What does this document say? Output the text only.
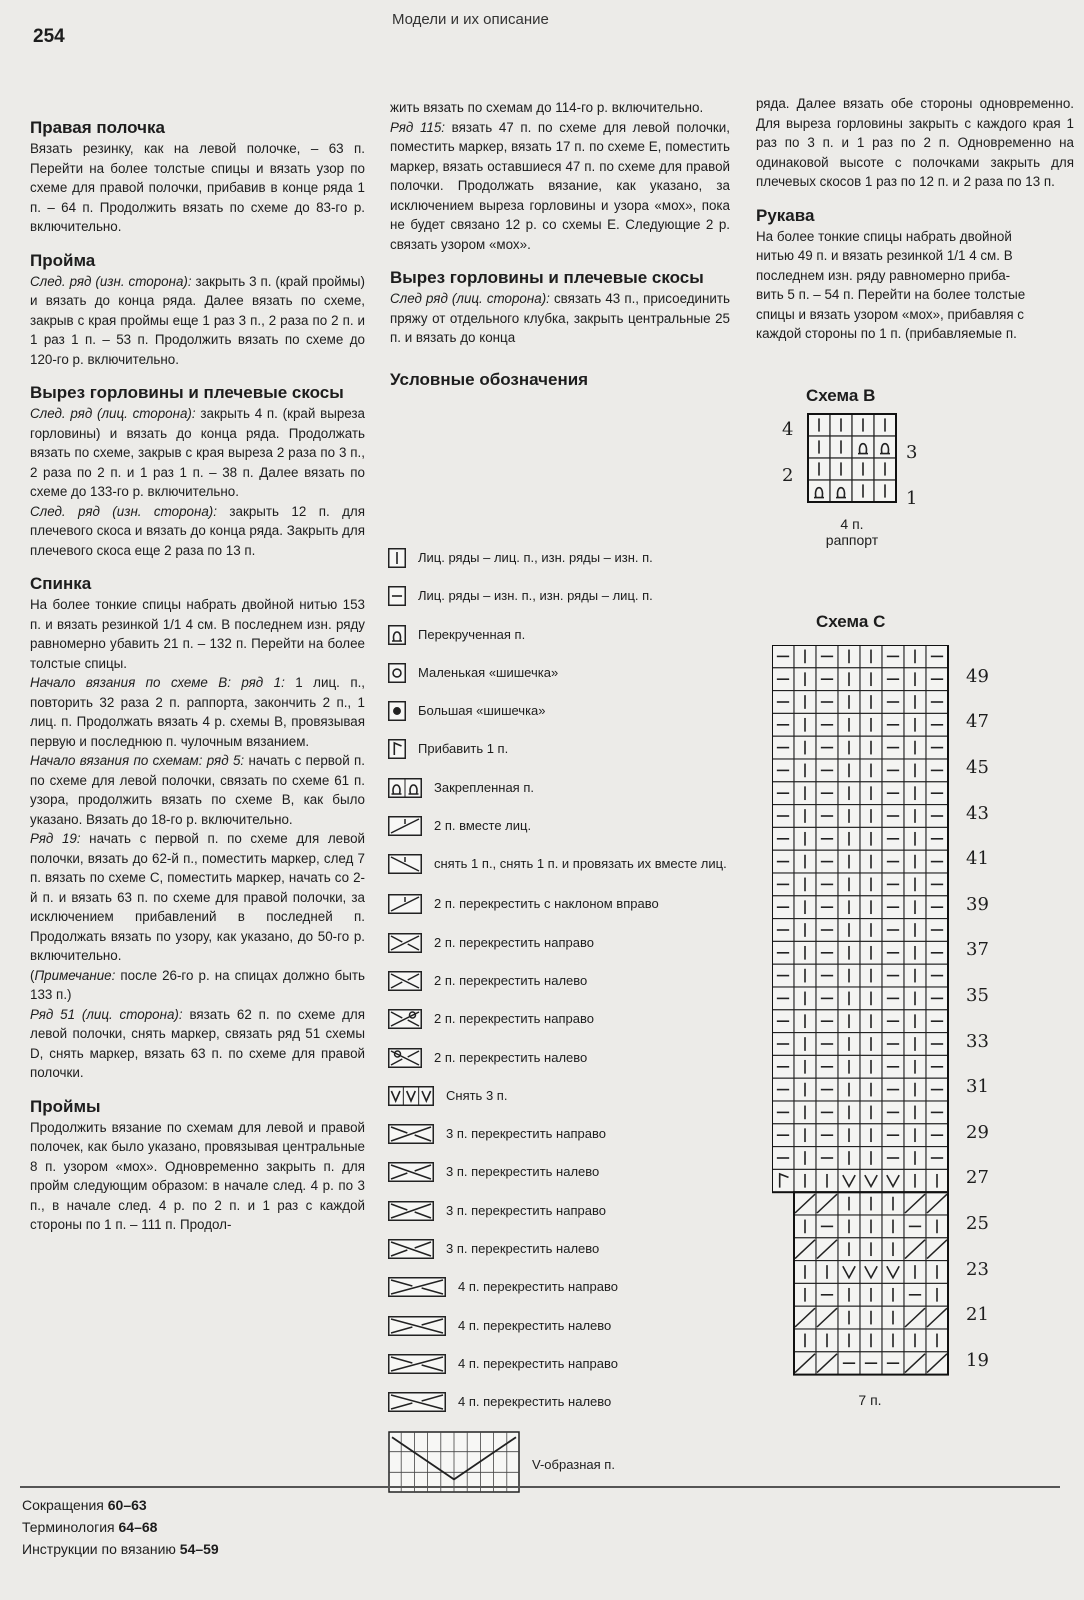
254
Модели и их описание
Правая полочка
Вязать резинку, как на левой полочке, – 63 п. Перейти на более толстые спицы и вязать узор по схеме для правой полочки, прибавив в конце ряда 1 п. – 64 п. Продолжить вязать по схеме до 83-го р. включительно.
Пройма
След. ряд (изн. сторона): закрыть 3 п. (край проймы) и вязать до конца ряда. Далее вязать по схеме, закрыв с края проймы еще 1 раз 3 п., 2 раза по 2 п. и 1 раз 1 п. – 53 п. Продолжить вязать по схеме до 120-го р. включительно.
Вырез горловины и плечевые скосы
След. ряд (лиц. сторона): закрыть 4 п. (край выреза горловины) и вязать до конца ряда. Продолжать вязать по схеме, закрыв с края выреза 2 раза по 3 п., 2 раза по 2 п. и 1 раз 1 п. – 38 п. Далее вязать по схеме до 133-го р. включительно.
След. ряд (изн. сторона): закрыть 12 п. для плечевого скоса и вязать до конца ряда. Закрыть для плечевого скоса еще 2 раза по 13 п.
Спинка
На более тонкие спицы набрать двойной нитью 153 п. и вязать резинкой 1/1 4 см. В последнем изн. ряду равномерно убавить 21 п. – 132 п. Перейти на более толстые спицы.
Начало вязания по схеме B: ряд 1: 1 лиц. п., повторить 32 раза 2 п. раппорта, закончить 2 п., 1 лиц. п. Продолжать вязать 4 р. схемы B, провязывая первую и последнюю п. чулочным вязанием.
Начало вязания по схемам: ряд 5: начать с первой п. по схеме для левой полочки, связать по схеме 61 п. узора, продолжить вязать по схеме B, как было указано. Вязать до 18-го р. включительно.
Ряд 19: начать с первой п. по схеме для левой полочки, вязать до 62-й п., поместить маркер, след 7 п. вязать по схеме C, поместить маркер, начать со 2-й п. и вязать 63 п. по схеме для правой полочки, за исключением прибавлений в последней п. Продолжать вязать по узору, как указано, до 50-го р. включительно.
(Примечание: после 26-го р. на спицах должно быть 133 п.)
Ряд 51 (лиц. сторона): вязать 62 п. по схеме для левой полочки, снять маркер, связать ряд 51 схемы D, снять маркер, вязать 63 п. по схеме для правой полочки.
Проймы
Продолжить вязание по схемам для левой и правой полочек, как было указано, провязывая центральные 8 п. узором «мох». Одновременно закрыть п. для пройм следующим образом: в начале след. 4 р. по 3 п., в начале след. 4 р. по 2 п. и 1 раз с каждой стороны по 1 п. – 111 п. Продол-
жить вязать по схемам до 114-го р. включительно.
Ряд 115: вязать 47 п. по схеме для левой полочки, поместить маркер, вязать 17 п. по схеме E, поместить маркер, вязать оставшиеся 47 п. по схеме для правой полочки. Продолжать вязание, как указано, за исключением выреза горловины и узора «мох», пока не будет связано 12 р. со схемы E. Следующие 2 р. связать узором «мох».
Вырез горловины и плечевые скосы
След ряд (лиц. сторона): связать 43 п., присоединить пряжу от отдельного клубка, закрыть центральные 25 п. и вязать до конца
Условные обозначения
Лиц. ряды – лиц. п., изн. ряды – изн. п.
Лиц. ряды – изн. п., изн. ряды – лиц. п.
Перекрученная п.
Маленькая «шишечка»
Большая «шишечка»
Прибавить 1 п.
Закрепленная п.
2 п. вместе лиц.
снять 1 п., снять 1 п. и провязать их вместе лиц.
2 п. перекрестить с наклоном вправо
2 п. перекрестить направо
2 п. перекрестить налево
2 п. перекрестить направо
2 п. перекрестить налево
Снять 3 п.
3 п. перекрестить направо
3 п. перекрестить налево
3 п. перекрестить направо
3 п. перекрестить налево
4 п. перекрестить направо
4 п. перекрестить налево
4 п. перекрестить направо
4 п. перекрестить налево
V-образная п.
ряда. Далее вязать обе стороны одновременно. Для выреза горловины закрыть с каждого края 1 раз по 3 п. и 1 раз по 2 п. Одновременно на одинаковой высоте с полочками закрыть для плечевых скосов 1 раз по 12 п. и 2 раза по 13 п.
Рукава
На более тонкие спицы набрать двойной
нитью 49 п. и вязать резинкой 1/1 4 см. В
последнем изн. ряду равномерно приба-
вить 5 п. – 54 п. Перейти на более толстые
спицы и вязать узором «мох», прибавляя с
каждой стороны по 1 п. (прибавляемые п.
Схема B
4
3
2
1
4 п.
раппорт
Схема C
49
47
45
43
41
39
37
35
33
31
29
27
25
23
21
19
7 п.
Сокращения 60–63
Терминология 64–68
Инструкции по вязанию 54–59
